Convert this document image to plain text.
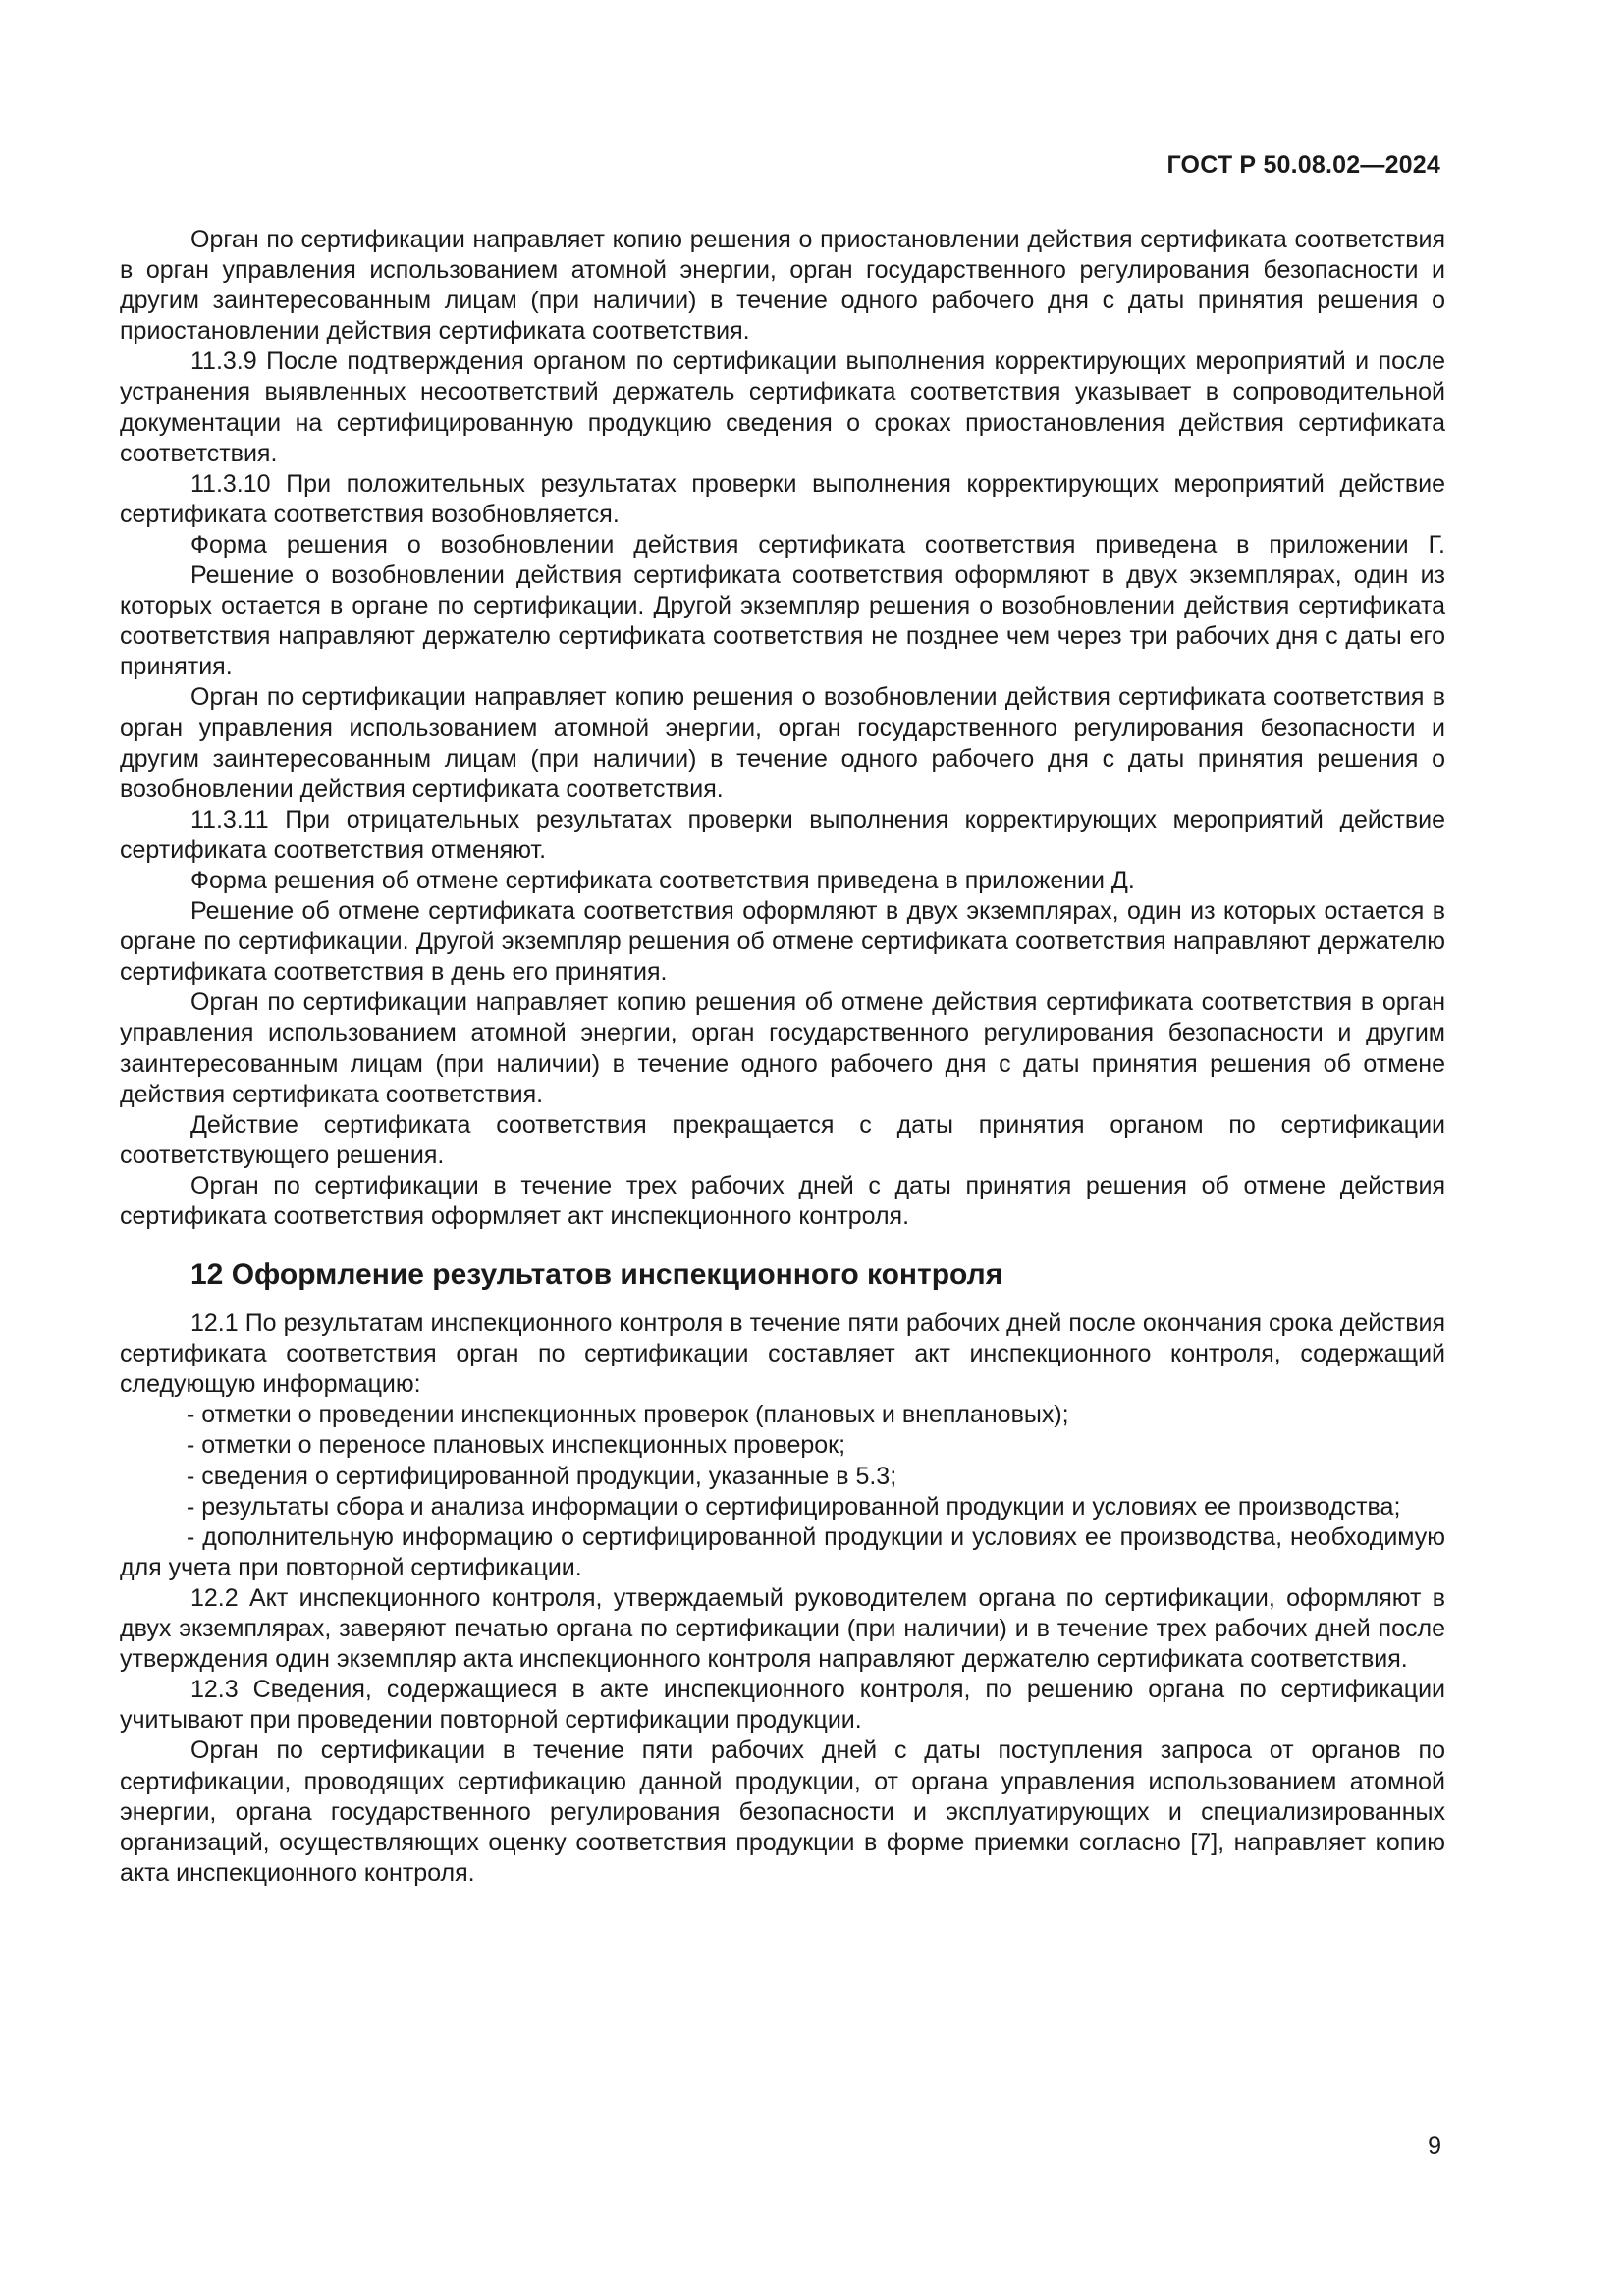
ГОСТ Р 50.08.02—2024

Орган по сертификации направляет копию решения о приостановлении действия сертификата соответствия в орган управления использованием атомной энергии, орган государственного регулирования безопасности и другим заинтересованным лицам (при наличии) в течение одного рабочего дня с даты принятия решения о приостановлении действия сертификата соответствия.

11.3.9 После подтверждения органом по сертификации выполнения корректирующих мероприятий и после устранения выявленных несоответствий держатель сертификата соответствия указывает в сопроводительной документации на сертифицированную продукцию сведения о сроках приостановления действия сертификата соответствия.

11.3.10 При положительных результатах проверки выполнения корректирующих мероприятий действие сертификата соответствия возобновляется.

Форма решения о возобновлении действия сертификата соответствия приведена в приложении Г.

Решение о возобновлении действия сертификата соответствия оформляют в двух экземплярах, один из которых остается в органе по сертификации. Другой экземпляр решения о возобновлении действия сертификата соответствия направляют держателю сертификата соответствия не позднее чем через три рабочих дня с даты его принятия.

Орган по сертификации направляет копию решения о возобновлении действия сертификата соответствия в орган управления использованием атомной энергии, орган государственного регулирования безопасности и другим заинтересованным лицам (при наличии) в течение одного рабочего дня с даты принятия решения о возобновлении действия сертификата соответствия.

11.3.11 При отрицательных результатах проверки выполнения корректирующих мероприятий действие сертификата соответствия отменяют.

Форма решения об отмене сертификата соответствия приведена в приложении Д.

Решение об отмене сертификата соответствия оформляют в двух экземплярах, один из которых остается в органе по сертификации. Другой экземпляр решения об отмене сертификата соответствия направляют держателю сертификата соответствия в день его принятия.

Орган по сертификации направляет копию решения об отмене действия сертификата соответствия в орган управления использованием атомной энергии, орган государственного регулирования безопасности и другим заинтересованным лицам (при наличии) в течение одного рабочего дня с даты принятия решения об отмене действия сертификата соответствия.

Действие сертификата соответствия прекращается с даты принятия органом по сертификации соответствующего решения.

Орган по сертификации в течение трех рабочих дней с даты принятия решения об отмене действия сертификата соответствия оформляет акт инспекционного контроля.

12 Оформление результатов инспекционного контроля

12.1 По результатам инспекционного контроля в течение пяти рабочих дней после окончания срока действия сертификата соответствия орган по сертификации составляет акт инспекционного контроля, содержащий следующую информацию:

- отметки о проведении инспекционных проверок (плановых и внеплановых);

- отметки о переносе плановых инспекционных проверок;

- сведения о сертифицированной продукции, указанные в 5.3;

- результаты сбора и анализа информации о сертифицированной продукции и условиях ее производства;

- дополнительную информацию о сертифицированной продукции и условиях ее производства, необходимую для учета при повторной сертификации.

12.2 Акт инспекционного контроля, утверждаемый руководителем органа по сертификации, оформляют в двух экземплярах, заверяют печатью органа по сертификации (при наличии) и в течение трех рабочих дней после утверждения один экземпляр акта инспекционного контроля направляют держателю сертификата соответствия.

12.3 Сведения, содержащиеся в акте инспекционного контроля, по решению органа по сертификации учитывают при проведении повторной сертификации продукции.

Орган по сертификации в течение пяти рабочих дней с даты поступления запроса от органов по сертификации, проводящих сертификацию данной продукции, от органа управления использованием атомной энергии, органа государственного регулирования безопасности и эксплуатирующих и специализированных организаций, осуществляющих оценку соответствия продукции в форме приемки согласно [7], направляет копию акта инспекционного контроля.

9
